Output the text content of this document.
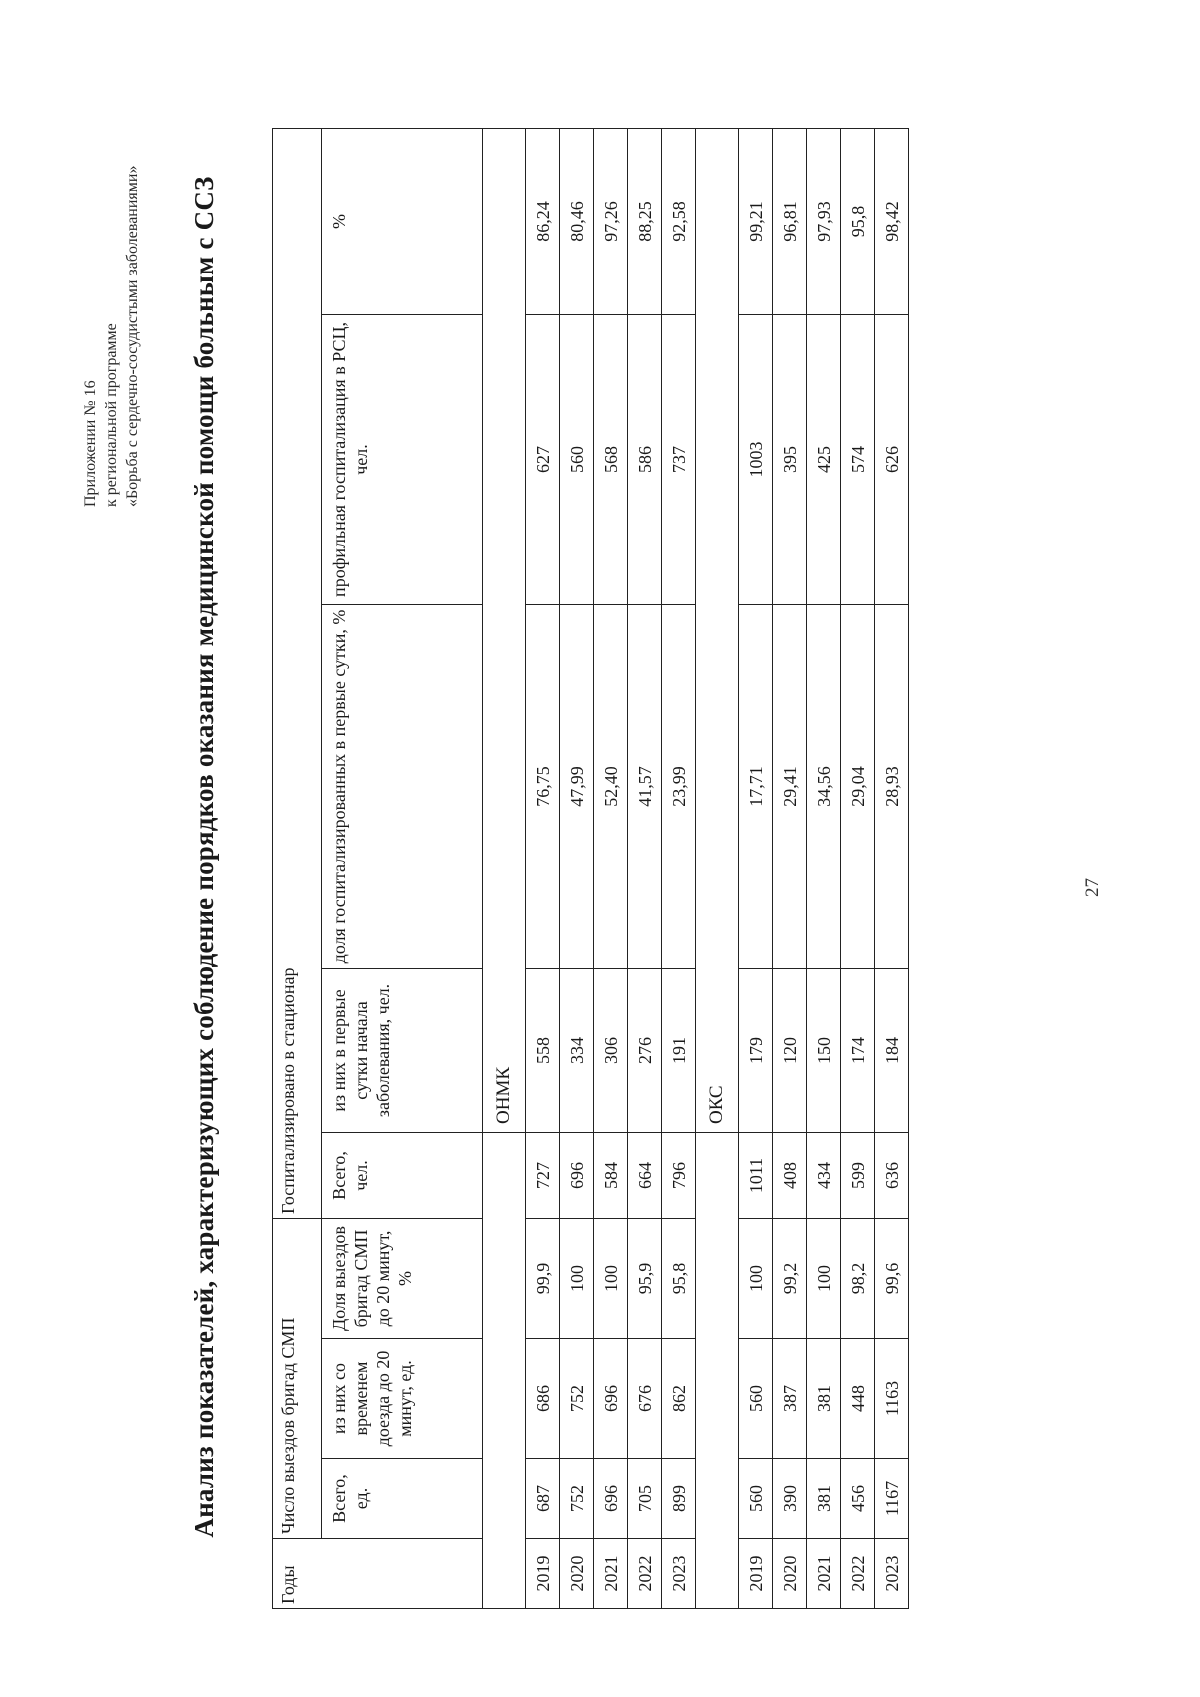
Приложении № 16 к региональной программе «Борьба с сердечно-сосудистыми заболеваниями» Анализ показателей, характеризующих соблюдение порядков оказания медицинской помощи больным с ССЗ
Годы	Число выездов бригад СМП			Госпитализировано в стационар				
	Всего, ед.	из них со временем доезда до 20 минут, ед.	Доля выездов бригад СМП до 20 минут, %	Всего, чел.	из них в первые сутки начала заболевания, чел.	доля госпитализированных в первые сутки, %	профильная госпитализация в РСЦ, чел.	%
					ОНМК			
2019	687	686	99,9	727	558	76,75	627	86,24
2020	752	752	100	696	334	47,99	560	80,46
2021	696	696	100	584	306	52,40	568	97,26
2022	705	676	95,9	664	276	41,57	586	88,25
2023	899	862	95,8	796	191	23,99	737	92,58
					ОКС			
2019	560	560	100	1011	179	17,71	1003	99,21
2020	390	387	99,2	408	120	29,41	395	96,81
2021	381	381	100	434	150	34,56	425	97,93
2022	456	448	98,2	599	174	29,04	574	95,8
2023	1167	1163	99,6	636	184	28,93	626	98,42
27
